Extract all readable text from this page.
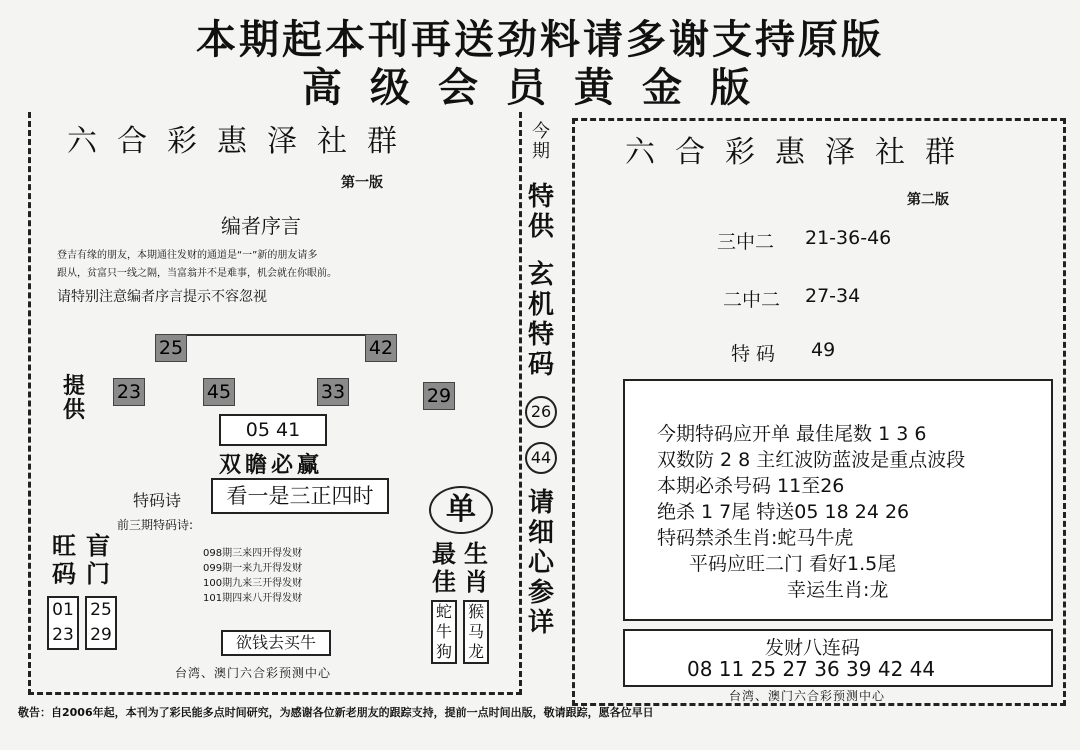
本期起本刊再送劲料请多谢支持原版
高级会员黄金版
六合彩惠泽社群
第一版
编者序言
登吉有缘的朋友，本期通往发财的通道是“一”新的朋友请多
跟从，贫富只一线之隔，当富翁并不是难事，机会就在你眼前。
请特别注意编者序言提示不容忽视
25	42
提供
23	45	33	29
05 41
双瞻必赢
特码诗	看一是三正四时
前三期特码诗:
098期三来四开得发财
099期一来九开得发财
100期九来三开得发财
101期四来八开得发财
旺码
盲门
01
23
25
29	欲钱去买牛
单
最佳
生肖
蛇牛狗
猴马龙
台湾、澳门六合彩预测中心
今期
特供
玄机特码
26
44
请细心参详
六合彩惠泽社群
第二版
三中二 21-36-46
二中二 27-34
特 码 49
今期特码应开单 最佳尾数 1 3 6
双数防 2 8 主红波防蓝波是重点波段
本期必杀号码 11至26
绝杀 1 7尾 特送05 18 24 26
特码禁杀生肖:蛇马牛虎
平码应旺二门 看好1.5尾
幸运生肖:龙
发财八连码
08 11 25 27 36 39 42 44
台湾、澳门六合彩预测中心
敬告：自2006年起，本刊为了彩民能多点时间研究，为感谢各位新老朋友的跟踪支持，提前一点时间出版，敬请跟踪，愿各位早日
